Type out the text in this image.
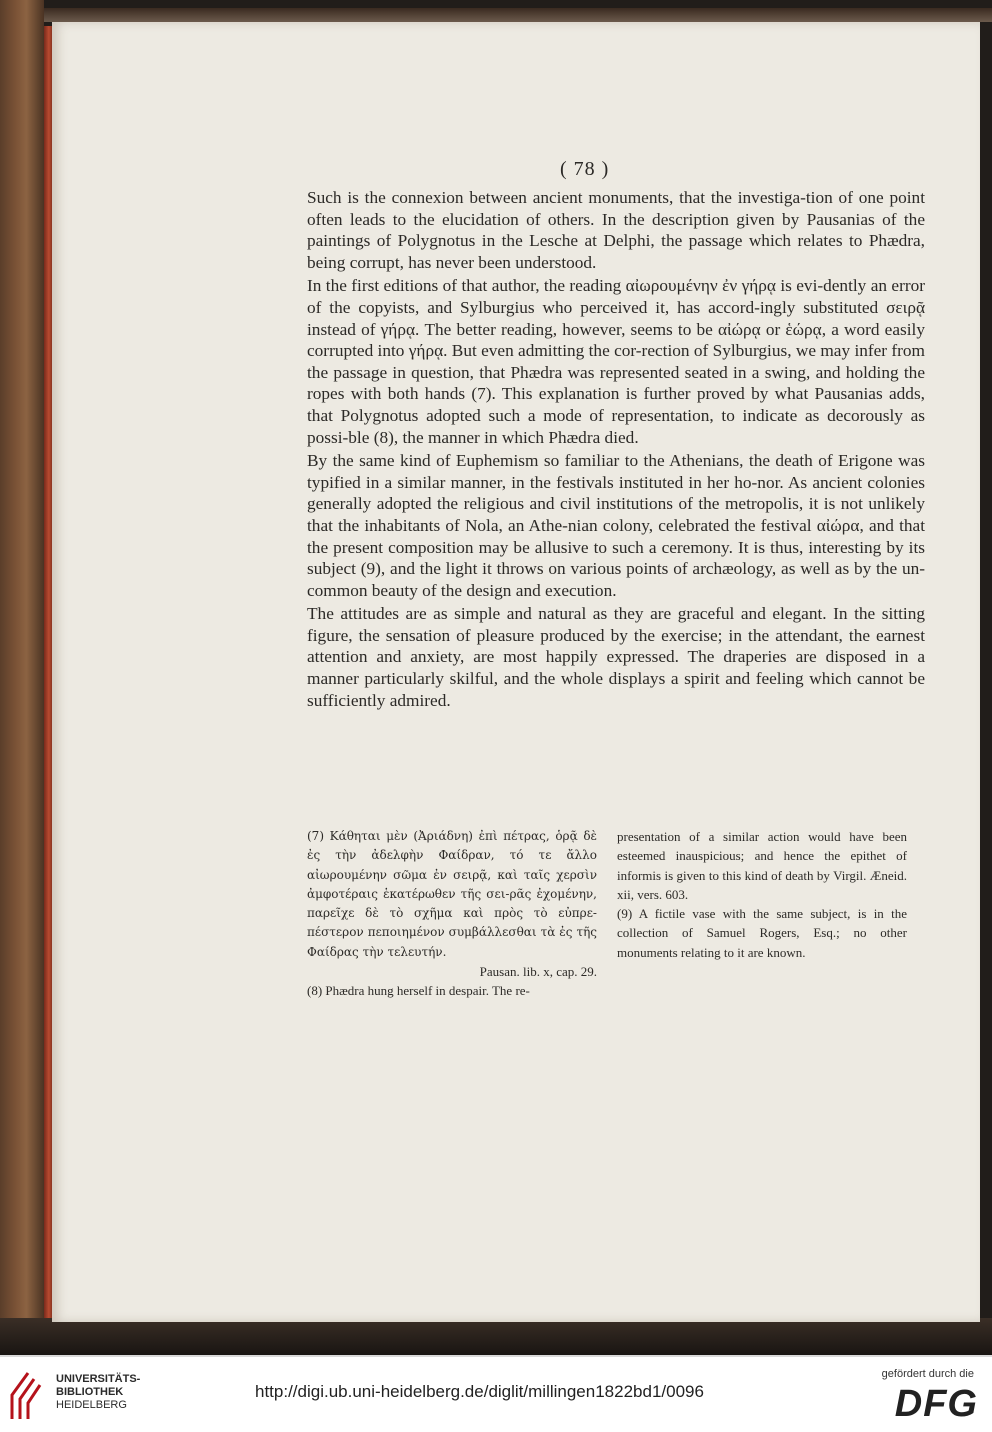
( 78 )

Such is the connexion between ancient monuments, that the investiga-tion of one point often leads to the elucidation of others. In the description given by Pausanias of the paintings of Polygnotus in the Lesche at Delphi, the passage which relates to Phædra, being corrupt, has never been understood.

In the first editions of that author, the reading αἰωρουμένην ἐν γήρᾳ is evi-dently an error of the copyists, and Sylburgius who perceived it, has accord-ingly substituted σειρᾷ instead of γήρᾳ. The better reading, however, seems to be αἰώρᾳ or ἑώρᾳ, a word easily corrupted into γήρᾳ. But even admitting the cor-rection of Sylburgius, we may infer from the passage in question, that Phædra was represented seated in a swing, and holding the ropes with both hands (7). This explanation is further proved by what Pausanias adds, that Polygnotus adopted such a mode of representation, to indicate as decorously as possi-ble (8), the manner in which Phædra died.

By the same kind of Euphemism so familiar to the Athenians, the death of Erigone was typified in a similar manner, in the festivals instituted in her ho-nor. As ancient colonies generally adopted the religious and civil institutions of the metropolis, it is not unlikely that the inhabitants of Nola, an Athe-nian colony, celebrated the festival αἰώρα, and that the present composition may be allusive to such a ceremony. It is thus, interesting by its subject (9), and the light it throws on various points of archæology, as well as by the un-common beauty of the design and execution.

The attitudes are as simple and natural as they are graceful and elegant. In the sitting figure, the sensation of pleasure produced by the exercise; in the attendant, the earnest attention and anxiety, are most happily expressed. The draperies are disposed in a manner particularly skilful, and the whole displays a spirit and feeling which cannot be sufficiently admired.

(7) Κάθηται μὲν (Ἀριάδνη) ἐπὶ πέτρας, ὁρᾷ δὲ ἐς τὴν ἀδελφὴν Φαίδραν, τό τε ἄλλο αἰωρουμένην σῶμα ἐν σειρᾷ, καὶ ταῖς χερσὶν ἀμφοτέραις ἑκατέρωθεν τῆς σει-ρᾶς ἐχομένην, παρεῖχε δὲ τὸ σχῆμα καὶ πρὸς τὸ εὐπρε-πέστερον πεποιημένον συμβάλλεσθαι τὰ ἐς τῆς Φαίδρας τὴν τελευτήν.

Pausan. lib. x, cap. 29.

(8) Phædra hung herself in despair. The re-

presentation of a similar action would have been esteemed inauspicious; and hence the epithet of informis is given to this kind of death by Virgil. Æneid. xii, vers. 603.

(9) A fictile vase with the same subject, is in the collection of Samuel Rogers, Esq.; no other monuments relating to it are known.

UNIVERSITÄTS-
BIBLIOTHEK
HEIDELBERG
http://digi.ub.uni-heidelberg.de/diglit/millingen1822bd1/0096
gefördert durch die
DFG
